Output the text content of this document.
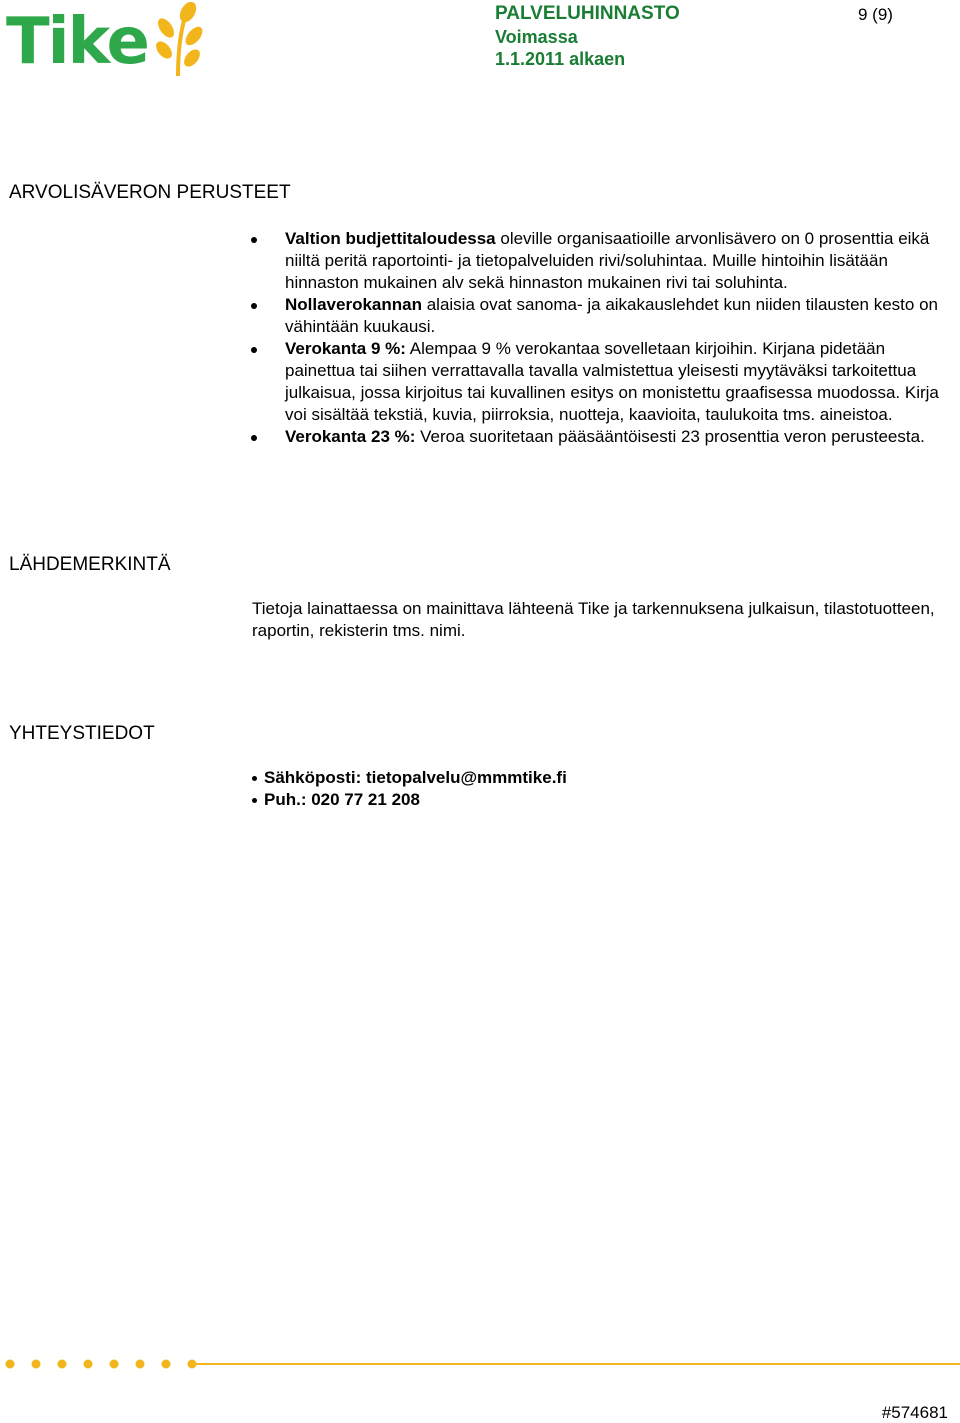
Tike	PALVELUHINNASTO
Voimassa
1.1.2011 alkaen
9 (9)
ARVOLISÄVERON PERUSTEET
Valtion budjettitaloudessa oleville organisaatioille arvonlisävero on 0 prosenttia eikä niiltä peritä raportointi- ja tietopalveluiden rivi/soluhintaa. Muille hintoihin lisätään hinnaston mukainen alv sekä hinnaston mukainen rivi tai soluhinta.
Nollaverokannan alaisia ovat sanoma- ja aikakauslehdet kun niiden tilausten kesto on vähintään kuukausi.
Verokanta 9 %: Alempaa 9 % verokantaa sovelletaan kirjoihin. Kirjana pidetään painettua tai siihen verrattavalla tavalla valmistettua yleisesti myytäväksi tarkoitettua julkaisua, jossa kirjoitus tai kuvallinen esitys on monistettu graafisessa muodossa. Kirja voi sisältää tekstiä, kuvia, piirroksia, nuotteja, kaavioita, taulukoita tms. aineistoa.
Verokanta 23 %: Veroa suoritetaan pääsääntöisesti 23 prosenttia veron perusteesta.
LÄHDEMERKINTÄ

Tietoja lainattaessa on mainittava lähteenä Tike ja tarkennuksena julkaisun, tilastotuotteen, raportin, rekisterin tms. nimi.

YHTEYSTIEDOT
Sähköposti: tietopalvelu@mmmtike.fi
Puh.: 020 77 21 208
#574681
